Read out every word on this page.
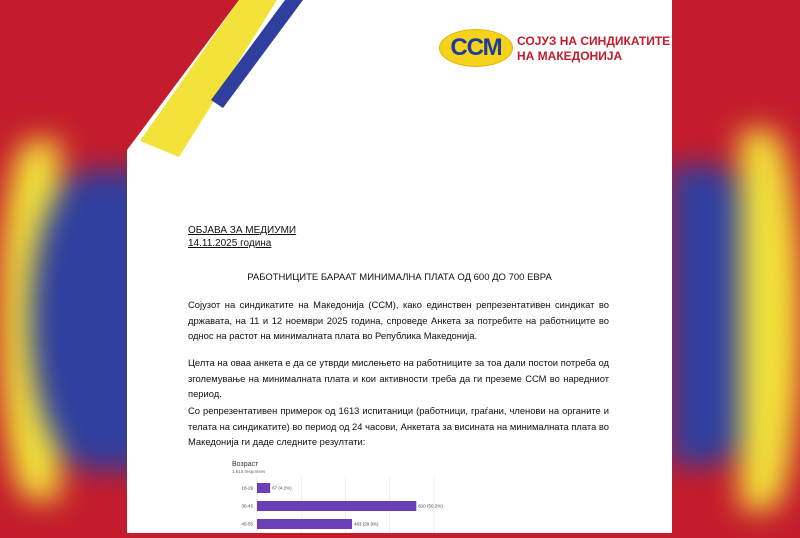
ССМ СОЈУЗ НА СИНДИКАТИТЕ
НА МАКЕДОНИЈА
ОБЈАВА ЗА МЕДИУМИ
14.11.2025 година
РАБОТНИЦИТЕ БАРААТ МИНИМАЛНА ПЛАТА ОД 600 ДО 700 ЕВРА
Сојузот на синдикатите на Македонија (ССМ), како единствен репрезентативен синдикат во државата, на 11 и 12 ноември 2025 година, спроведе Анкета за потребите на работниците во однос на растот на минималната плата во Република Македонија.
Целта на оваа анкета е да се утврди мислењето на работниците за тоа дали постои потреба од зголемување на минималната плата и кои активности треба да ги преземе ССМ во наредниот период.
Со репрезентативен примерок од 1613 испитаници (работници, граѓани, членови на органите и телата на синдикатите) во период од 24 часови, Анкетата за висината на минималната плата во Македонија ги даде следните резултати:
Возраст
1.613 responses
18-29	67 (4.2%)
30-45	810 (50.2%)
45-55	483 (29.9%)
